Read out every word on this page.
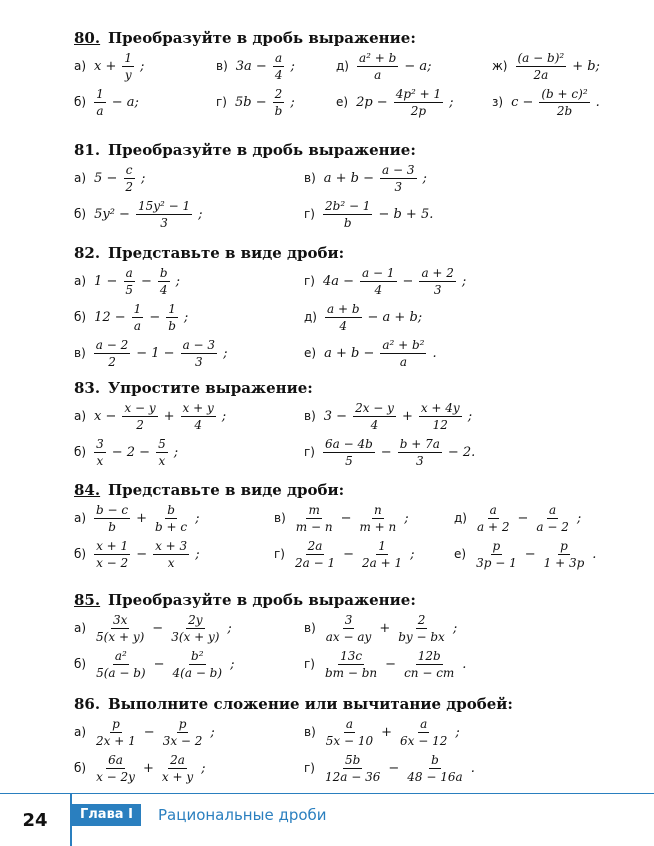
80. Преобразуйте в дробь выражение:
а) $x + \frac{1}{y}$ ;	в) $3a - \frac{a}{4}$ ;	$д) \frac{\text{a² + b}}{a} - a$;	$ж) \frac{\text{(a − b)²}}{2a} + b$;
$б) \frac{1}{a} - a$;	г) $5b - \frac{2}{b}$ ;	е) $2p - \frac{\text{4p² + 1}}{2p}$ ;	з) $c - \frac{\text{(b + c)²}}{2b}$ .
81. Преобразуйте в дробь выражение:
а) $5 - \frac{c}{2}$ ;	в) $a + b - \frac{a - 3}{3}$ ;
б) $5y^2 - \frac{\text{15y² − 1}}{3}$ ;	$г) \frac{\text{2b² − 1}}{b} - b + 5$.
82. Представьте в виде дроби:
а) $1 - \frac{a}{5} - \frac{b}{4}$ ;	г) $4a - \frac{a - 1}{4} - \frac{a + 2}{3}$ ;
б) $12 - \frac{1}{a} - \frac{1}{b}$ ;	$д) \frac{a + b}{4} - a + b$;
$в) \frac{a - 2}{2} - 1 - \frac{a - 3}{3}$ ;	е) $a + b - \frac{\text{a² + b²}}{a}$ .
83. Упростите выражение:
а) $x - \frac{x - y}{2} + \frac{x + y}{4}$ ;	в) $3 - \frac{2x - y}{4} + \frac{x + 4y}{12}$ ;
$б) \frac{3}{x} - 2 - \frac{5}{x}$ ;	$г) \frac{6a - 4b}{5} - \frac{b + 7a}{3} - 2$.
84. Представьте в виде дроби:
$а) \frac{b - c}{b} + \frac{b}{b + c}$ ;	$в) \frac{m}{m - n} - \frac{n}{m + n}$ ;	$д) \frac{a}{a + 2} - \frac{a}{a - 2}$ ;
$б) \frac{x + 1}{x - 2} - \frac{x + 3}{x}$ ;	$г) \frac{2a}{2a - 1} - \frac{1}{2a + 1}$ ;	$е) \frac{p}{3p - 1} - \frac{p}{1 + 3p}$ .
85. Преобразуйте в дробь выражение:
$а) \frac{3x}{5(x + y)} - \frac{2y}{3(x + y)}$ ;	$в) \frac{3}{ax - ay} + \frac{2}{by - bx}$ ;
$б) \frac{\text{a²}}{5(a - b)} - \frac{\text{b²}}{4(a - b)}$ ;	$г) \frac{13c}{bm - bn} - \frac{12b}{cn - cm}$ .
86. Выполните сложение или вычитание дробей:
$а) \frac{p}{2x + 1} - \frac{p}{3x - 2}$ ;	$в) \frac{a}{5x - 10} + \frac{a}{6x - 12}$ ;
$б) \frac{6a}{x - 2y} + \frac{2a}{x + y}$ ;	$г) \frac{5b}{12a - 36} - \frac{b}{48 - 16a}$ .
24	Глава I	Рациональные дроби
